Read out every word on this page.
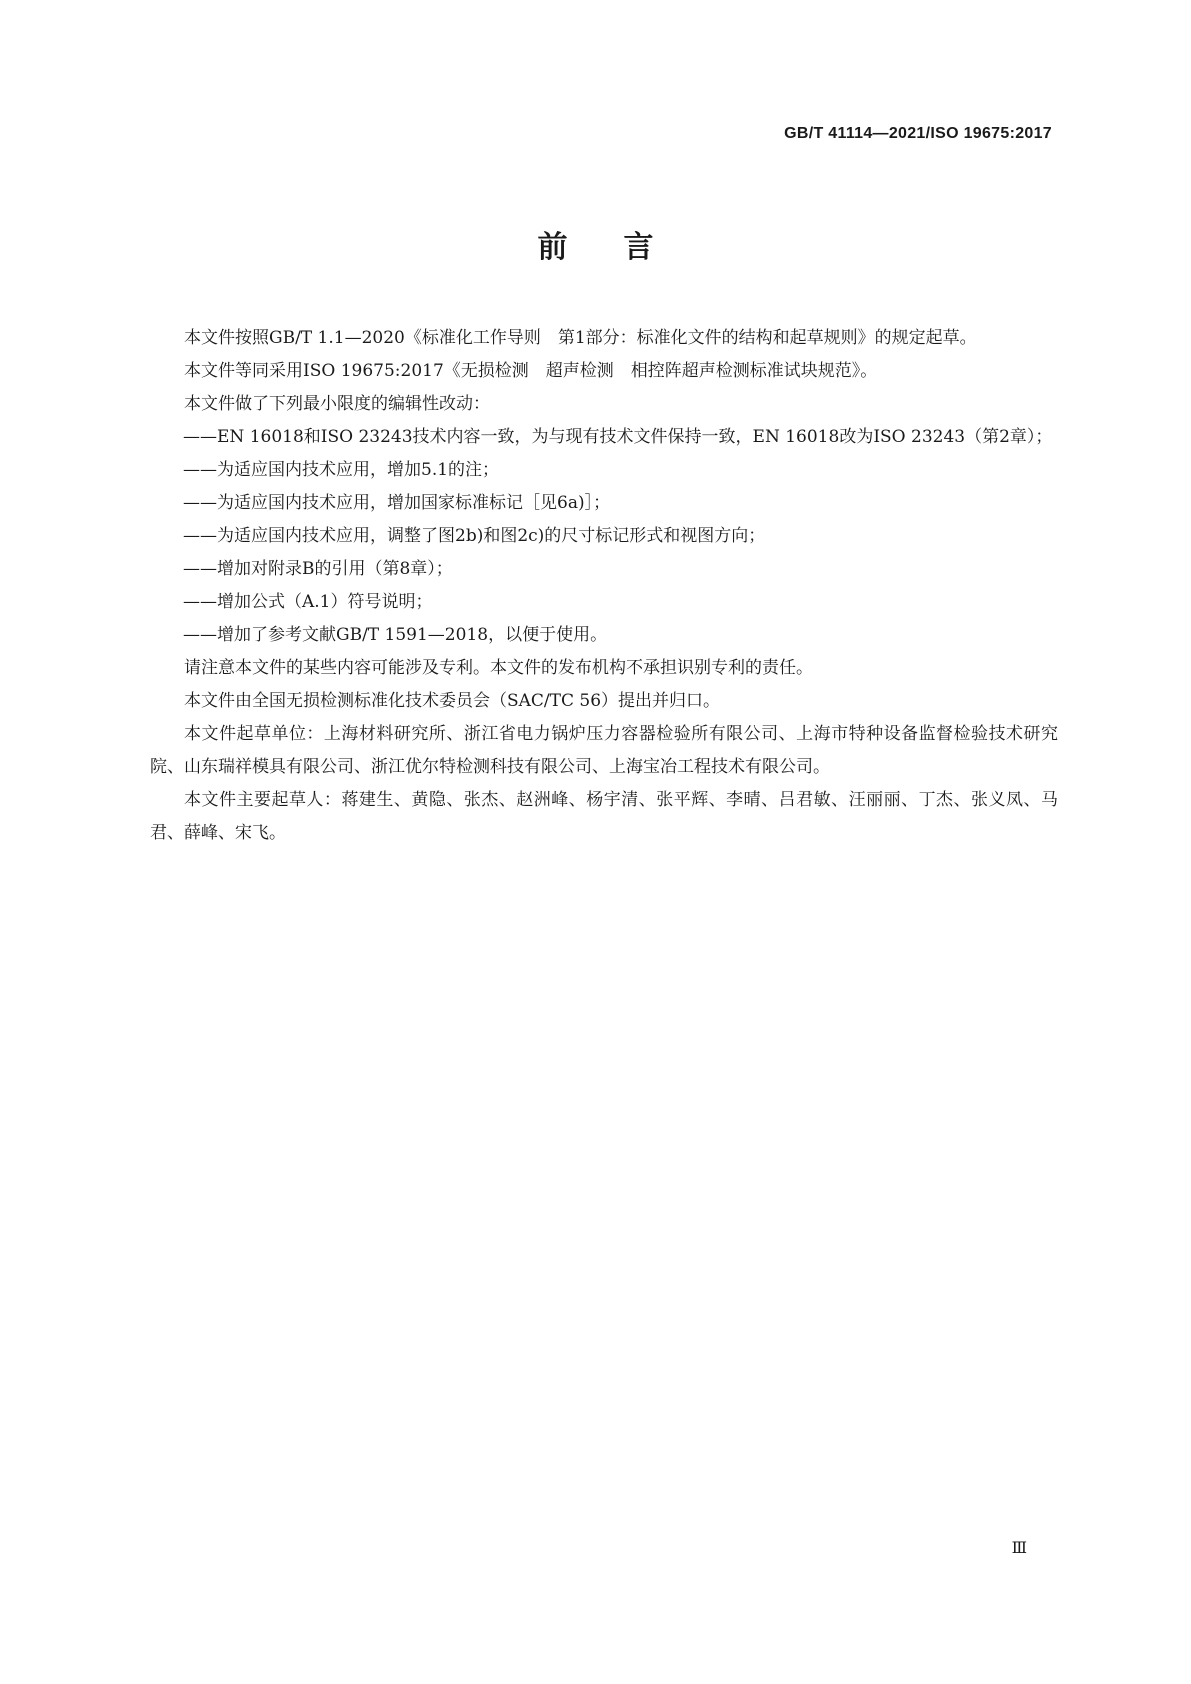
GB/T 41114—2021/ISO 19675:2017
前言

本文件按照GB/T 1.1—2020《标准化工作导则　第1部分：标准化文件的结构和起草规则》的规定起草。

本文件等同采用ISO 19675:2017《无损检测　超声检测　相控阵超声检测标准试块规范》。

本文件做了下列最小限度的编辑性改动：

——EN 16018和ISO 23243技术内容一致，为与现有技术文件保持一致，EN 16018改为ISO 23243（第2章）；

——为适应国内技术应用，增加5.1的注；

——为适应国内技术应用，增加国家标准标记［见6a)］；

——为适应国内技术应用，调整了图2b)和图2c)的尺寸标记形式和视图方向；

——增加对附录B的引用（第8章）；

——增加公式（A.1）符号说明；

——增加了参考文献GB/T 1591—2018，以便于使用。

请注意本文件的某些内容可能涉及专利。本文件的发布机构不承担识别专利的责任。

本文件由全国无损检测标准化技术委员会（SAC/TC 56）提出并归口。

本文件起草单位：上海材料研究所、浙江省电力锅炉压力容器检验所有限公司、上海市特种设备监督检验技术研究院、山东瑞祥模具有限公司、浙江优尔特检测科技有限公司、上海宝冶工程技术有限公司。

本文件主要起草人：蒋建生、黄隐、张杰、赵洲峰、杨宇清、张平辉、李晴、吕君敏、汪丽丽、丁杰、张义凤、马君、薛峰、宋飞。

Ⅲ
